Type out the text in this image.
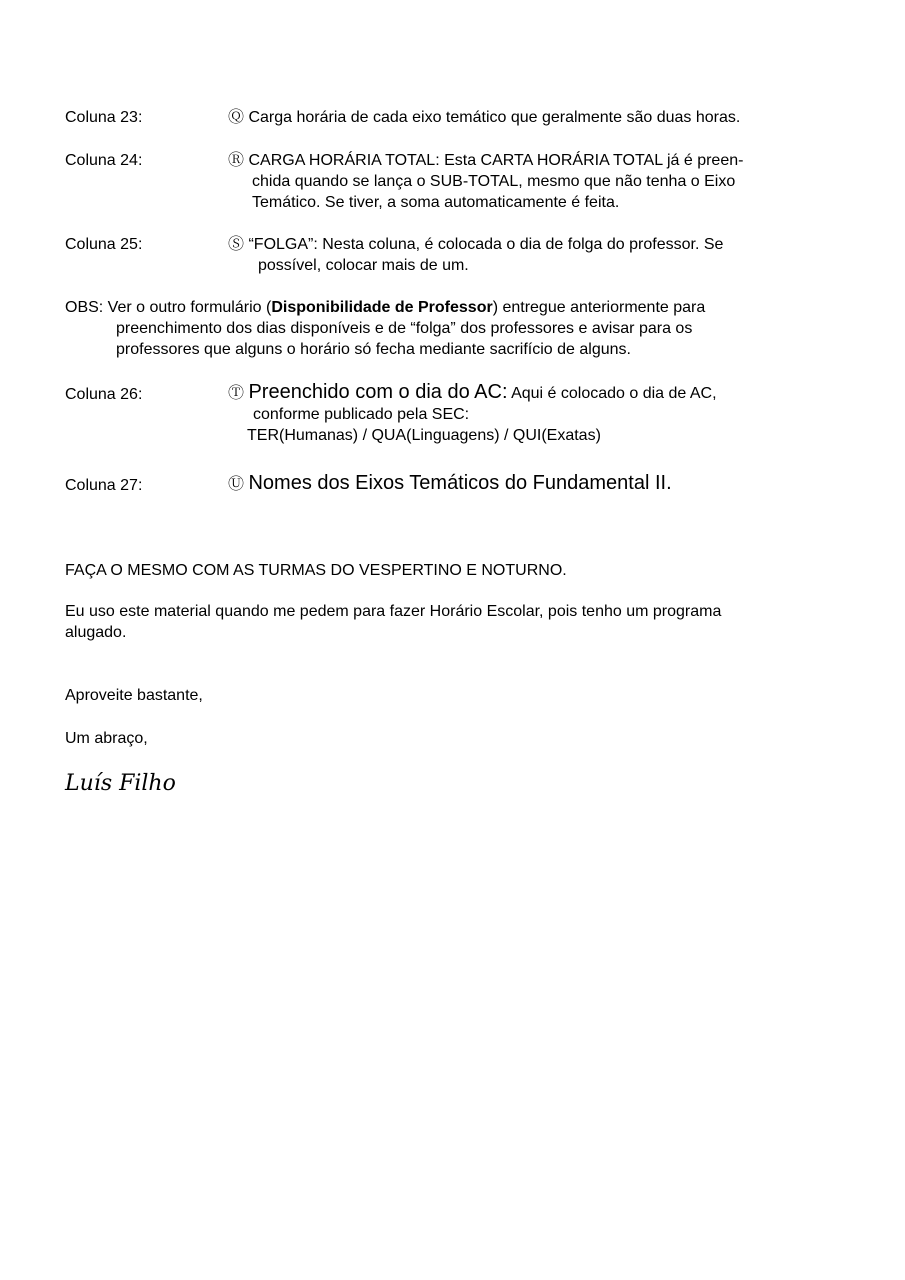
Coluna 23:	Ⓠ Carga horária de cada eixo temático que geralmente são duas horas.
Coluna 24:	Ⓡ CARGA HORÁRIA TOTAL: Esta CARTA HORÁRIA TOTAL já é preen-
chida quando se lança o SUB-TOTAL, mesmo que não tenha o Eixo
Temático. Se tiver, a soma automaticamente é feita.
Coluna 25:	Ⓢ “FOLGA”: Nesta coluna, é colocada o dia de folga do professor. Se
possível, colocar mais de um.
OBS: Ver o outro formulário (Disponibilidade de Professor) entregue anteriormente para
preenchimento dos dias disponíveis e de “folga” dos professores e avisar para os
professores que alguns o horário só fecha mediante sacrifício de alguns.
Coluna 26:	Ⓣ Preenchido com o dia do AC: Aqui é colocado o dia de AC,
conforme publicado pela SEC:
TER(Humanas) / QUA(Linguagens) / QUI(Exatas)
Coluna 27:	Ⓤ Nomes dos Eixos Temáticos do Fundamental II.
FAÇA O MESMO COM AS TURMAS DO VESPERTINO E NOTURNO.
Eu uso este material quando me pedem para fazer Horário Escolar, pois tenho um programa
alugado.
Aproveite bastante,
Um abraço,
Luís Filho
